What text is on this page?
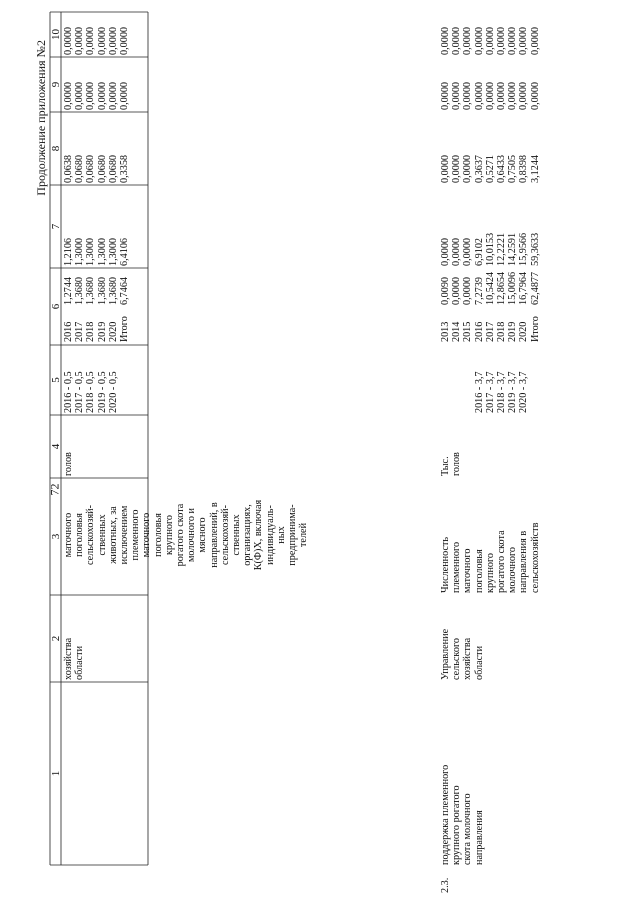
72
Продолжение приложения №2
1
2
3
4
5
6
7
8
9
10
хозяйства
области
маточного
поголовья
сельскохозяй-
ственных
животных, за
исключением
племенного
маточного
поголовья
крупного
рогатого скота
молочного и
мясного
направлений, в
сельскохозяй-
ственных
организациях,
К(Ф)Х, включая
индивидуаль-
ных
предпринима-
телей
голов
2016 - 0,5
2017 - 0,5
2018 - 0,5
2019 - 0,5
2020 - 0,5
2016
2017
2018
2019
2020
Итого
1,2744
1,3680
1,3680
1,3680
1,3680
6,7464
1,2106
1,3000
1,3000
1,3000
1,3000
6,4106
0,0638
0,0680
0,0680
0,0680
0,0680
0,3358
0,0000
0,0000
0,0000
0,0000
0,0000
0,0000
0,0000
0,0000
0,0000
0,0000
0,0000
0,0000
2.3.
поддержка племенного
крупного рогатого
скота молочного
направления
Управление
сельского
хозяйства
области
Численность
племенного
маточного
поголовья
крупного
рогатого скота
молочного
направления в
сельскохозяйств
Тыс.
голов

2016 - 3,7
2017 - 3,7
2018 - 3,7
2019 - 3,7
2020 - 3,7
2013
2014
2015
2016
2017
2018
2019
2020
Итого
0,0090
0,0000
0,0000
7,2739
10,5424
12,8654
15,0096
16,7964
62,4877
0,0000
0,0000
0,0000
6,9102
10,0153
12,2221
14,2591
15,9566
59,3633
0,0000
0,0000
0,0000
0,3637
0,5271
0,6433
0,7505
0,8398
3,1244
0,0000
0,0000
0,0000
0,0000
0,0000
0,0000
0,0000
0,0000
0,0000
0,0000
0,0000
0,0000
0,0000
0,0000
0,0000
0,0000
0,0000
0,0000
